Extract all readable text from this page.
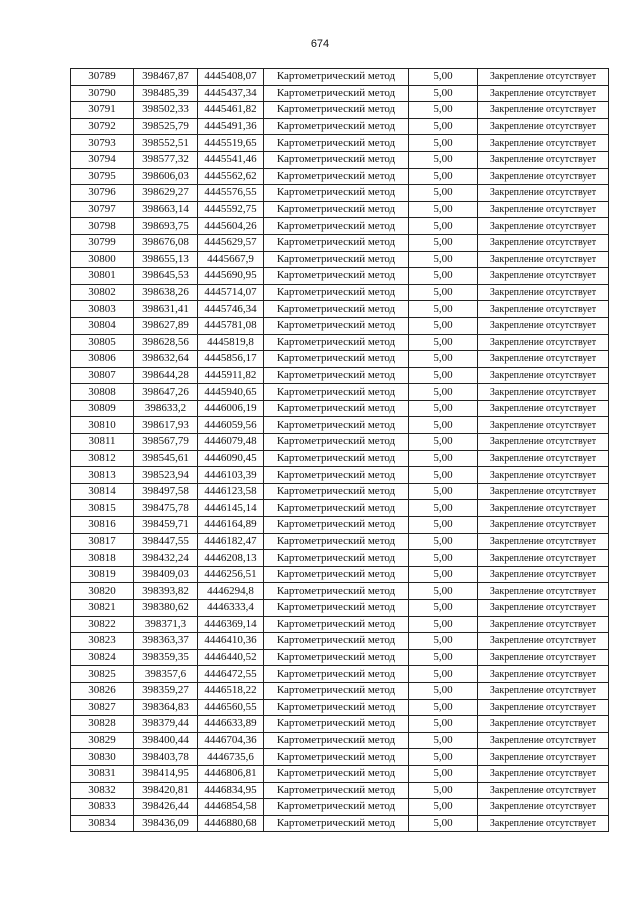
674
30789	398467,87	4445408,07	Картометрический метод	5,00	Закрепление отсутствует
30790	398485,39	4445437,34	Картометрический метод	5,00	Закрепление отсутствует
30791	398502,33	4445461,82	Картометрический метод	5,00	Закрепление отсутствует
30792	398525,79	4445491,36	Картометрический метод	5,00	Закрепление отсутствует
30793	398552,51	4445519,65	Картометрический метод	5,00	Закрепление отсутствует
30794	398577,32	4445541,46	Картометрический метод	5,00	Закрепление отсутствует
30795	398606,03	4445562,62	Картометрический метод	5,00	Закрепление отсутствует
30796	398629,27	4445576,55	Картометрический метод	5,00	Закрепление отсутствует
30797	398663,14	4445592,75	Картометрический метод	5,00	Закрепление отсутствует
30798	398693,75	4445604,26	Картометрический метод	5,00	Закрепление отсутствует
30799	398676,08	4445629,57	Картометрический метод	5,00	Закрепление отсутствует
30800	398655,13	4445667,9	Картометрический метод	5,00	Закрепление отсутствует
30801	398645,53	4445690,95	Картометрический метод	5,00	Закрепление отсутствует
30802	398638,26	4445714,07	Картометрический метод	5,00	Закрепление отсутствует
30803	398631,41	4445746,34	Картометрический метод	5,00	Закрепление отсутствует
30804	398627,89	4445781,08	Картометрический метод	5,00	Закрепление отсутствует
30805	398628,56	4445819,8	Картометрический метод	5,00	Закрепление отсутствует
30806	398632,64	4445856,17	Картометрический метод	5,00	Закрепление отсутствует
30807	398644,28	4445911,82	Картометрический метод	5,00	Закрепление отсутствует
30808	398647,26	4445940,65	Картометрический метод	5,00	Закрепление отсутствует
30809	398633,2	4446006,19	Картометрический метод	5,00	Закрепление отсутствует
30810	398617,93	4446059,56	Картометрический метод	5,00	Закрепление отсутствует
30811	398567,79	4446079,48	Картометрический метод	5,00	Закрепление отсутствует
30812	398545,61	4446090,45	Картометрический метод	5,00	Закрепление отсутствует
30813	398523,94	4446103,39	Картометрический метод	5,00	Закрепление отсутствует
30814	398497,58	4446123,58	Картометрический метод	5,00	Закрепление отсутствует
30815	398475,78	4446145,14	Картометрический метод	5,00	Закрепление отсутствует
30816	398459,71	4446164,89	Картометрический метод	5,00	Закрепление отсутствует
30817	398447,55	4446182,47	Картометрический метод	5,00	Закрепление отсутствует
30818	398432,24	4446208,13	Картометрический метод	5,00	Закрепление отсутствует
30819	398409,03	4446256,51	Картометрический метод	5,00	Закрепление отсутствует
30820	398393,82	4446294,8	Картометрический метод	5,00	Закрепление отсутствует
30821	398380,62	4446333,4	Картометрический метод	5,00	Закрепление отсутствует
30822	398371,3	4446369,14	Картометрический метод	5,00	Закрепление отсутствует
30823	398363,37	4446410,36	Картометрический метод	5,00	Закрепление отсутствует
30824	398359,35	4446440,52	Картометрический метод	5,00	Закрепление отсутствует
30825	398357,6	4446472,55	Картометрический метод	5,00	Закрепление отсутствует
30826	398359,27	4446518,22	Картометрический метод	5,00	Закрепление отсутствует
30827	398364,83	4446560,55	Картометрический метод	5,00	Закрепление отсутствует
30828	398379,44	4446633,89	Картометрический метод	5,00	Закрепление отсутствует
30829	398400,44	4446704,36	Картометрический метод	5,00	Закрепление отсутствует
30830	398403,78	4446735,6	Картометрический метод	5,00	Закрепление отсутствует
30831	398414,95	4446806,81	Картометрический метод	5,00	Закрепление отсутствует
30832	398420,81	4446834,95	Картометрический метод	5,00	Закрепление отсутствует
30833	398426,44	4446854,58	Картометрический метод	5,00	Закрепление отсутствует
30834	398436,09	4446880,68	Картометрический метод	5,00	Закрепление отсутствует
